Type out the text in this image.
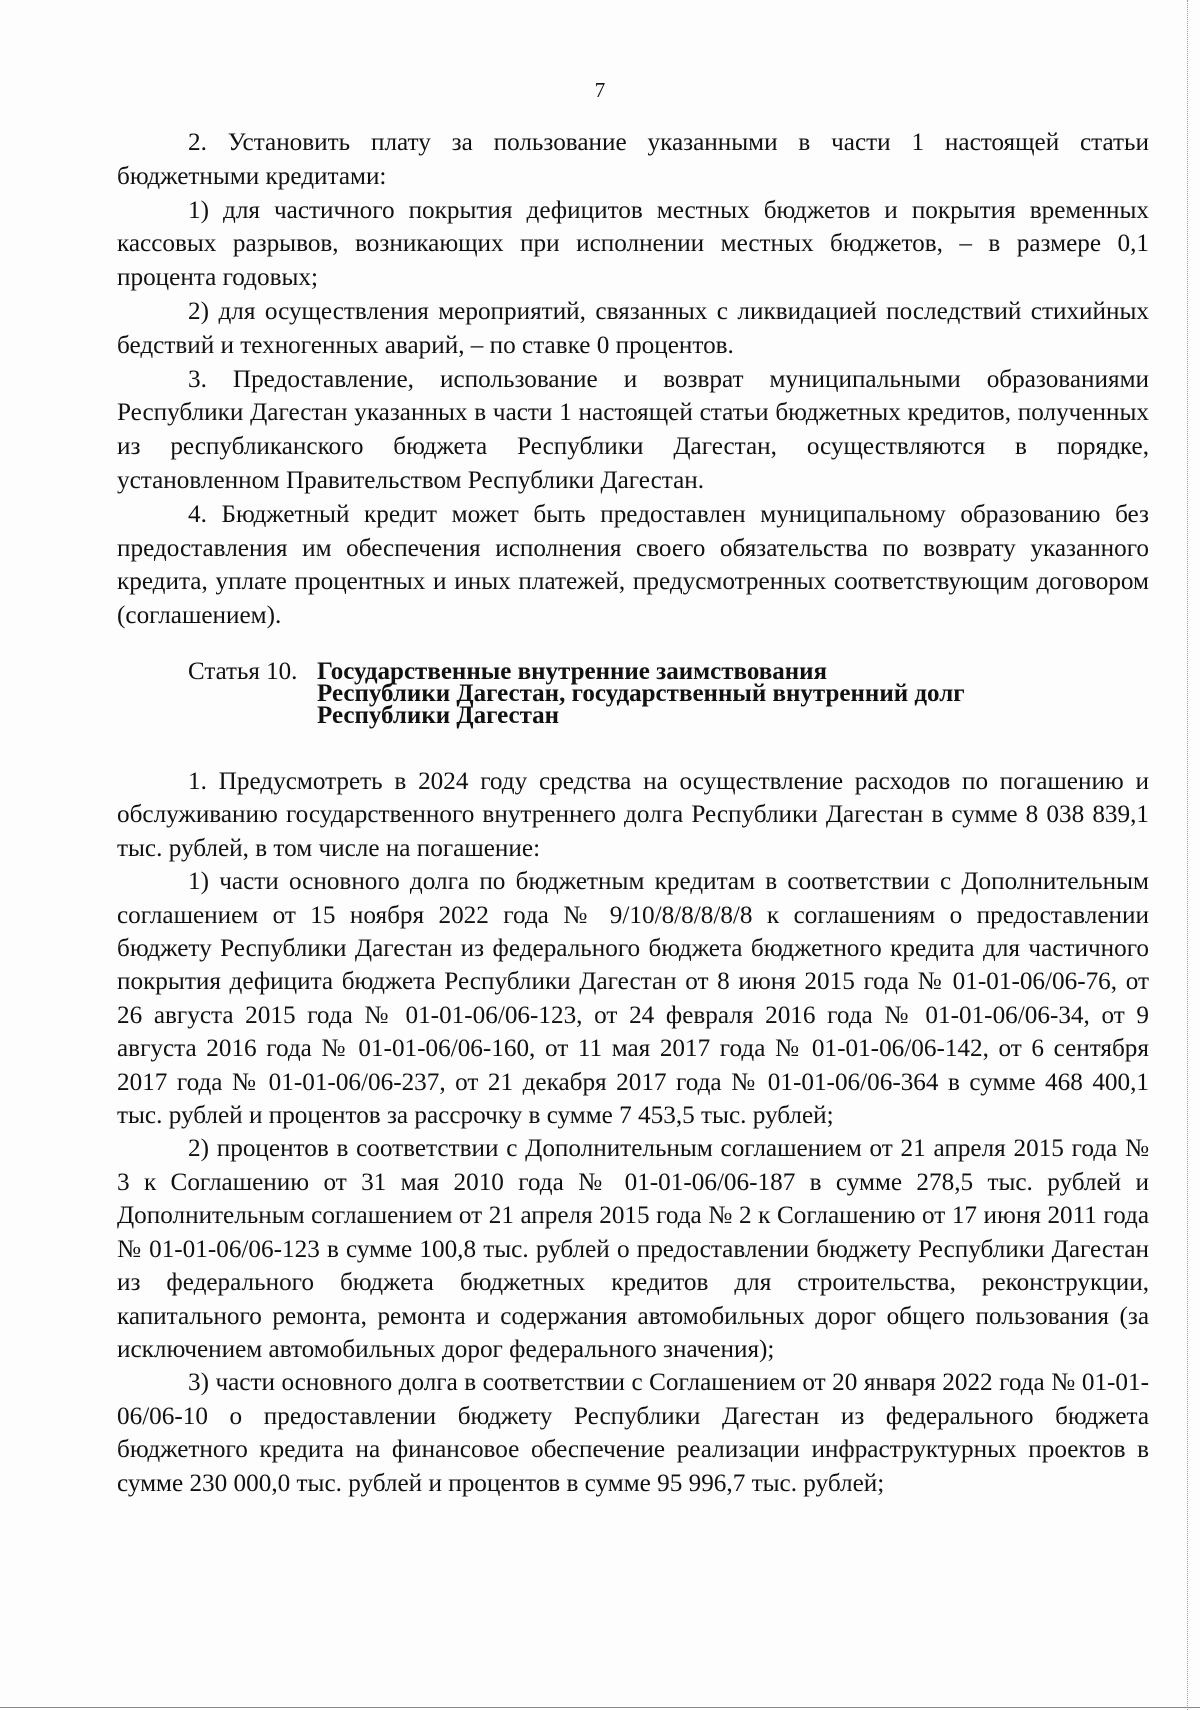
7

2. Установить плату за пользование указанными в части 1 настоящей статьи бюджетными кредитами:

1) для частичного покрытия дефицитов местных бюджетов и покрытия временных кассовых разрывов, возникающих при исполнении местных бюджетов, – в размере 0,1 процента годовых;

2) для осуществления мероприятий, связанных с ликвидацией последствий стихийных бедствий и техногенных аварий, – по ставке 0 процентов.

3. Предоставление, использование и возврат муниципальными образованиями Республики Дагестан указанных в части 1 настоящей статьи бюджетных кредитов, полученных из республиканского бюджета Республики Дагестан, осуществляются в порядке, установленном Правительством Республики Дагестан.

4. Бюджетный кредит может быть предоставлен муниципальному образованию без предоставления им обеспечения исполнения своего обязательства по возврату указанного кредита, уплате процентных и иных платежей, предусмотренных соответствующим договором (соглашением).

Статья 10. Государственные внутренние заимствования
Республики Дагестан, государственный внутренний долг
Республики Дагестан

1. Предусмотреть в 2024 году средства на осуществление расходов по погашению и обслуживанию государственного внутреннего долга Республики Дагестан в сумме 8 038 839,1 тыс. рублей, в том числе на погашение:

1) части основного долга по бюджетным кредитам в соответствии с Дополнительным соглашением от 15 ноября 2022 года № 9/10/8/8/8/8/8 к соглашениям о предоставлении бюджету Республики Дагестан из федерального бюджета бюджетного кредита для частичного покрытия дефицита бюджета Республики Дагестан от 8 июня 2015 года № 01-01-06/06-76, от 26 августа 2015 года № 01-01-06/06-123, от 24 февраля 2016 года № 01-01-06/06-34, от 9 августа 2016 года № 01-01-06/06-160, от 11 мая 2017 года № 01-01-06/06-142, от 6 сентября 2017 года № 01-01-06/06-237, от 21 декабря 2017 года № 01-01-06/06-364 в сумме 468 400,1 тыс. рублей и процентов за рассрочку в сумме 7 453,5 тыс. рублей;

2) процентов в соответствии с Дополнительным соглашением от 21 апреля 2015 года № 3 к Соглашению от 31 мая 2010 года № 01-01-06/06-187 в сумме 278,5 тыс. рублей и Дополнительным соглашением от 21 апреля 2015 года № 2 к Соглашению от 17 июня 2011 года № 01-01-06/06-123 в сумме 100,8 тыс. рублей о предоставлении бюджету Республики Дагестан из федерального бюджета бюджетных кредитов для строительства, реконструкции, капитального ремонта, ремонта и содержания автомобильных дорог общего пользования (за исключением автомобильных дорог федерального значения);

3) части основного долга в соответствии с Соглашением от 20 января 2022 года № 01-01-06/06-10 о предоставлении бюджету Республики Дагестан из федерального бюджета бюджетного кредита на финансовое обеспечение реализации инфраструктурных проектов в сумме 230 000,0 тыс. рублей и процентов в сумме 95 996,7 тыс. рублей;
